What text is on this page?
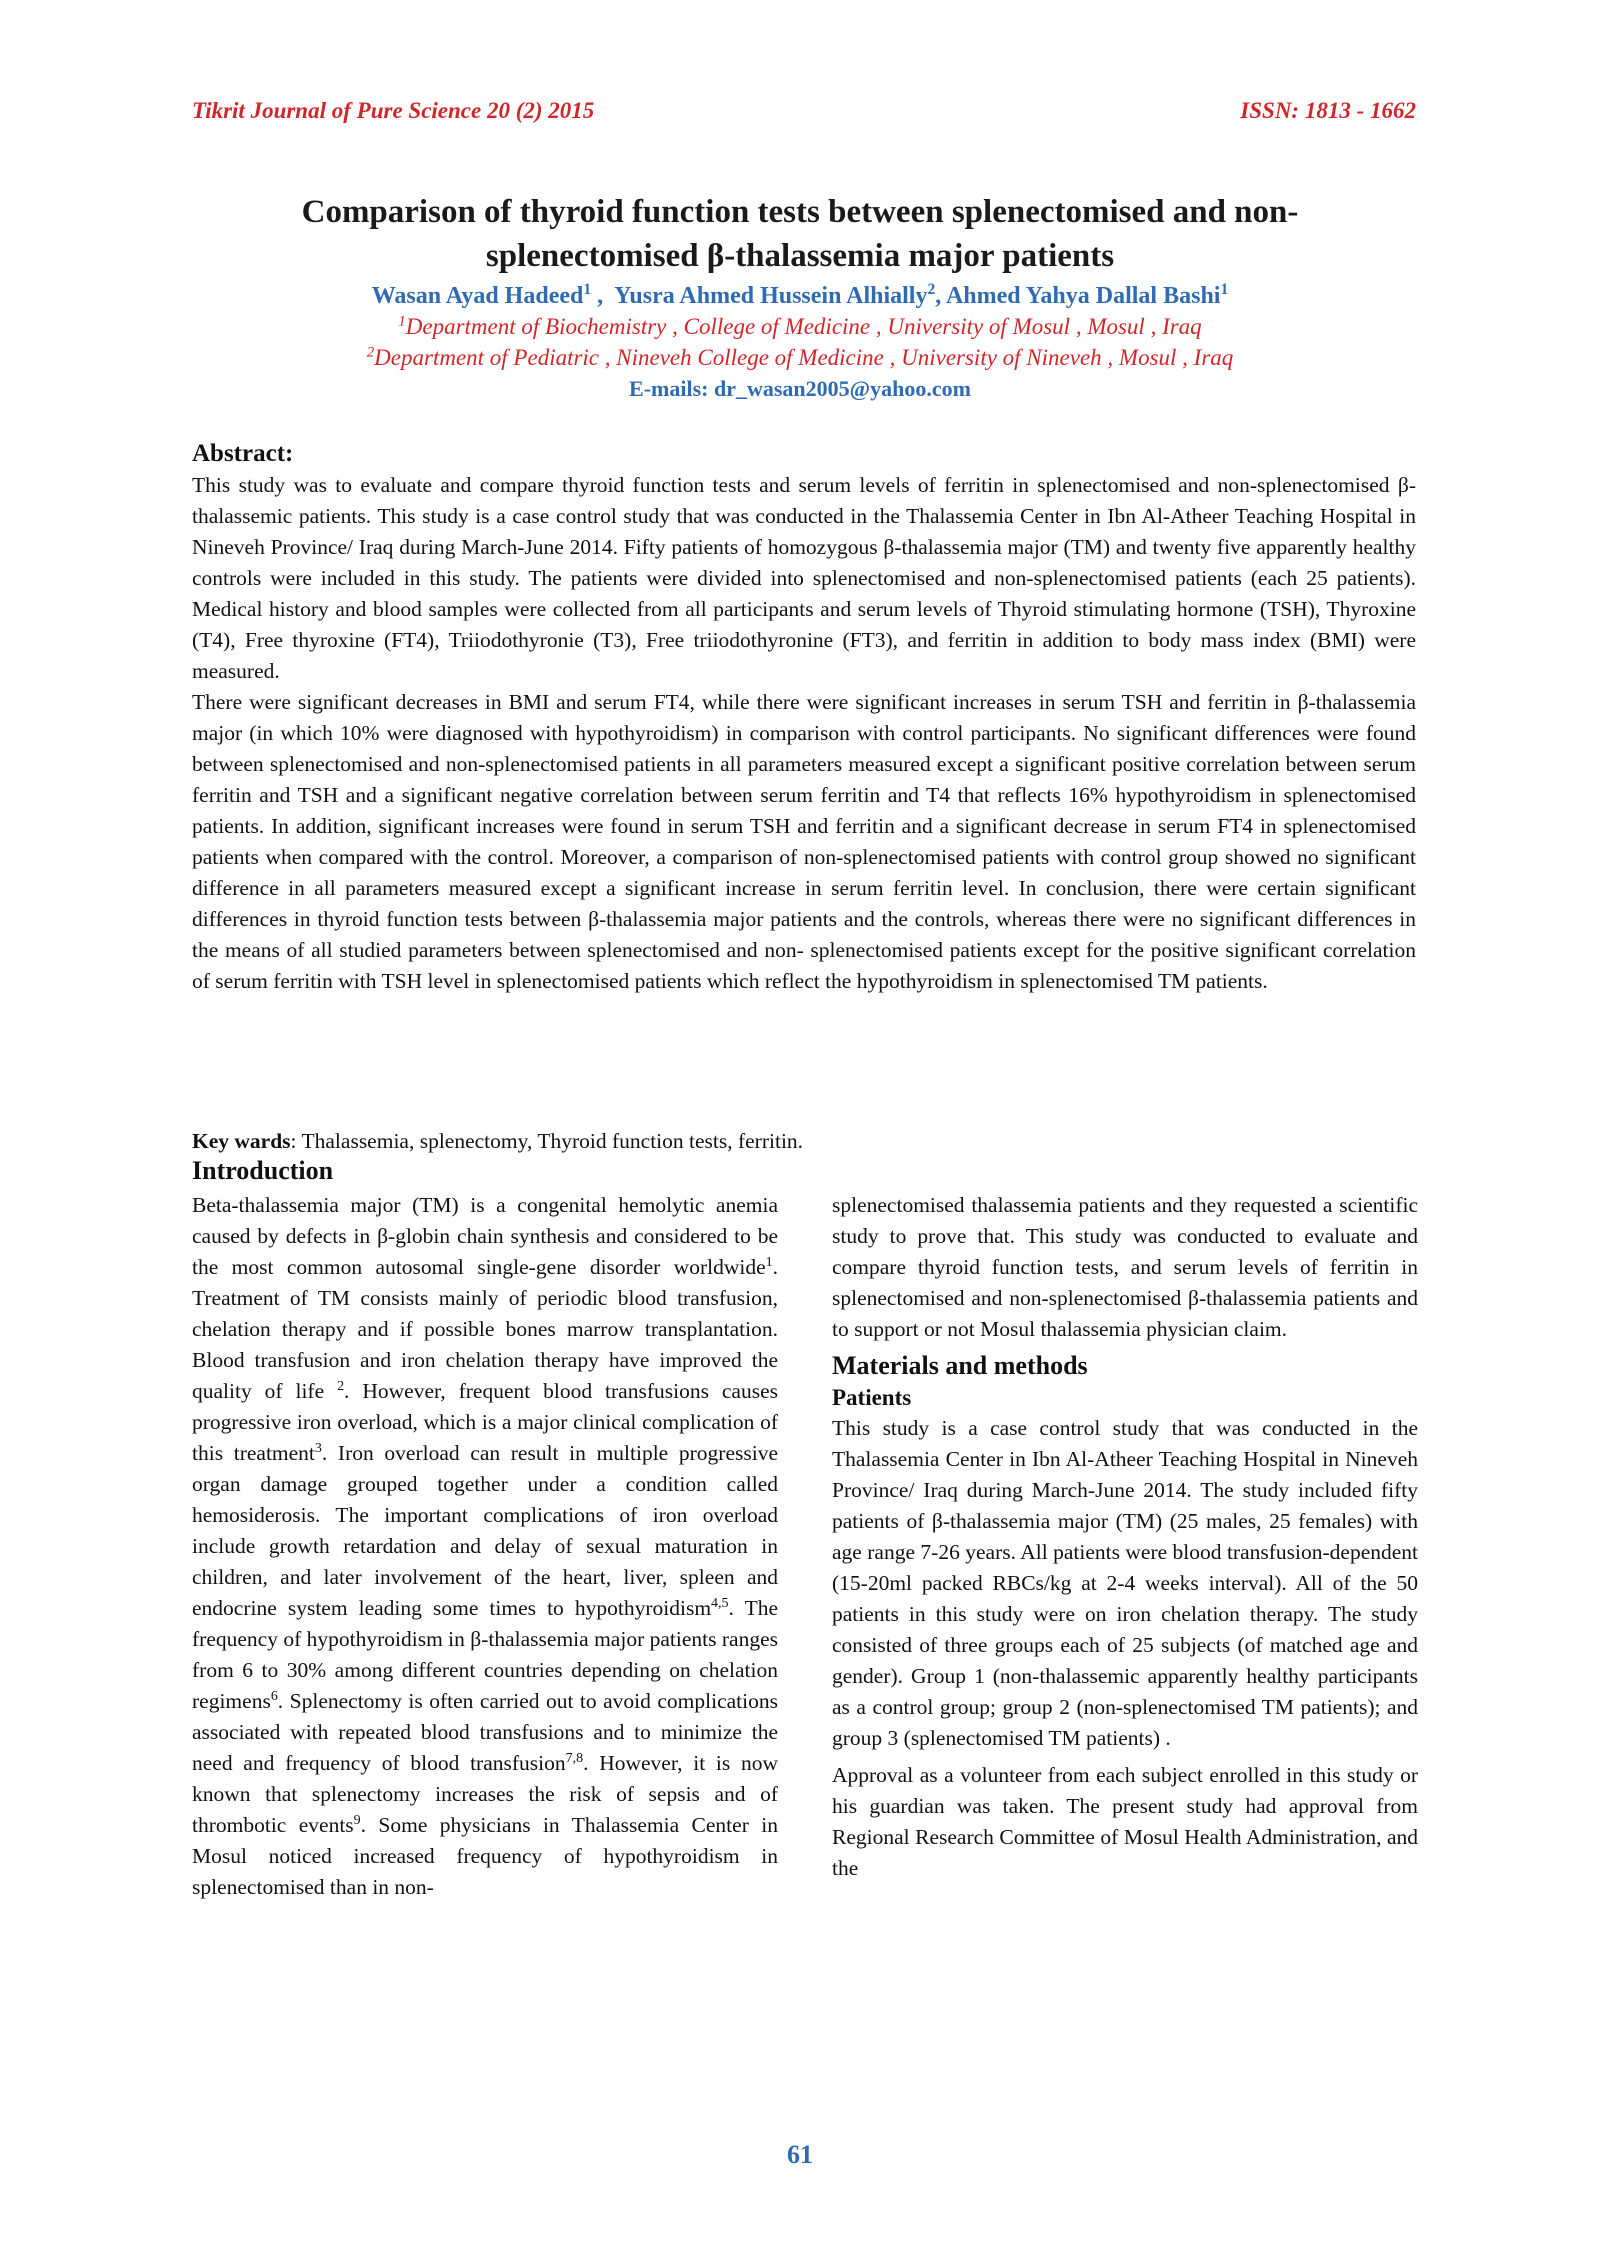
Tikrit Journal of Pure Science 20 (2) 2015	ISSN: 1813 - 1662
Comparison of thyroid function tests between splenectomised and non-
splenectomised β-thalassemia major patients
Wasan Ayad Hadeed$^1$ ,  Yusra Ahmed Hussein Alhially$^2$, Ahmed Yahya Dallal Bashi$^1$
$^1$Department of Biochemistry , College of Medicine , University of Mosul , Mosul , Iraq
$^2$Department of Pediatric , Nineveh College of Medicine , University of Nineveh , Mosul , Iraq
E-mails: dr_wasan2005@yahoo.com
Abstract:

This study was to evaluate and compare thyroid function tests and serum levels of ferritin in splenectomised and non-splenectomised β-thalassemic patients. This study is a case control study that was conducted in the Thalassemia Center in Ibn Al-Atheer Teaching Hospital in Nineveh Province/ Iraq during March-June 2014. Fifty patients of homozygous β-thalassemia major (TM) and twenty five apparently healthy controls were included in this study. The patients were divided into splenectomised and non-splenectomised patients (each 25 patients). Medical history and blood samples were collected from all participants and serum levels of Thyroid stimulating hormone (TSH), Thyroxine (T4), Free thyroxine (FT4), Triiodothyronie (T3), Free triiodothyronine (FT3), and ferritin in addition to body mass index (BMI) were measured.

There were significant decreases in BMI and serum FT4, while there were significant increases in serum TSH and ferritin in β-thalassemia major (in which 10% were diagnosed with hypothyroidism) in comparison with control participants. No significant differences were found between splenectomised and non-splenectomised patients in all parameters measured except a significant positive correlation between serum ferritin and TSH and a significant negative correlation between serum ferritin and T4 that reflects 16% hypothyroidism in splenectomised patients. In addition, significant increases were found in serum TSH and ferritin and a significant decrease in serum FT4 in splenectomised patients when compared with the control. Moreover, a comparison of non-splenectomised patients with control group showed no significant difference in all parameters measured except a significant increase in serum ferritin level. In conclusion, there were certain significant differences in thyroid function tests between β-thalassemia major patients and the controls, whereas there were no significant differences in the means of all studied parameters between splenectomised and non- splenectomised patients except for the positive significant correlation of serum ferritin with TSH level in splenectomised patients which reflect the hypothyroidism in splenectomised TM patients.

Key wards: Thalassemia, splenectomy, Thyroid function tests, ferritin.
Introduction

Beta-thalassemia major (TM) is a congenital hemolytic anemia caused by defects in β-globin chain synthesis and considered to be the most common autosomal single-gene disorder worldwide$^1$. Treatment of TM consists mainly of periodic blood transfusion, chelation therapy and if possible bones marrow transplantation. Blood transfusion and iron chelation therapy have improved the quality of life $^2$. However, frequent blood transfusions causes progressive iron overload, which is a major clinical complication of this treatment$^3$. Iron overload can result in multiple progressive organ damage grouped together under a condition called hemosiderosis. The important complications of iron overload include growth retardation and delay of sexual maturation in children, and later involvement of the heart, liver, spleen and endocrine system leading some times to hypothyroidism$^{4,5}$. The frequency of hypothyroidism in β-thalassemia major patients ranges from 6 to 30% among different countries depending on chelation regimens$^6$. Splenectomy is often carried out to avoid complications associated with repeated blood transfusions and to minimize the need and frequency of blood transfusion$^{7,8}$. However, it is now known that splenectomy increases the risk of sepsis and of thrombotic events$^9$. Some physicians in Thalassemia Center in Mosul noticed increased frequency of hypothyroidism in splenectomised than in non-

splenectomised thalassemia patients and they requested a scientific study to prove that. This study was conducted to evaluate and compare thyroid function tests, and serum levels of ferritin in splenectomised and non-splenectomised β-thalassemia patients and to support or not Mosul thalassemia physician claim.

Materials and methods
Patients

This study is a case control study that was conducted in the Thalassemia Center in Ibn Al-Atheer Teaching Hospital in Nineveh Province/ Iraq during March-June 2014. The study included fifty patients of β-thalassemia major (TM) (25 males, 25 females) with age range 7-26 years. All patients were blood transfusion-dependent (15-20ml packed RBCs/kg at 2-4 weeks interval). All of the 50 patients in this study were on iron chelation therapy. The study consisted of three groups each of 25 subjects (of matched age and gender). Group 1 (non-thalassemic apparently healthy participants as a control group; group 2 (non-splenectomised TM patients); and group 3 (splenectomised TM patients) .

Approval as a volunteer from each subject enrolled in this study or his guardian was taken. The present study had approval from Regional Research Committee of Mosul Health Administration, and the

61
